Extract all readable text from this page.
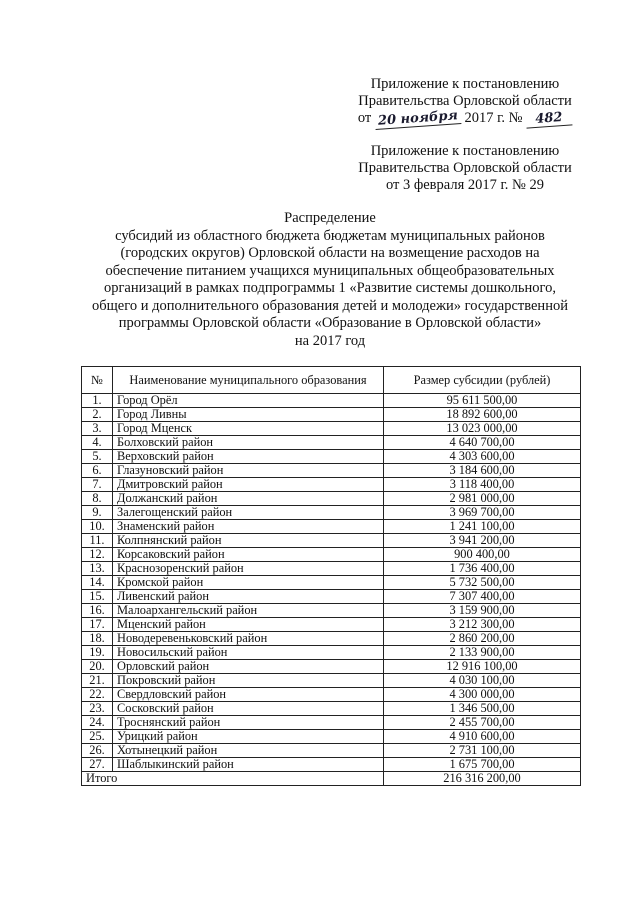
Приложение к постановлению
Правительства Орловской области
от 20 ноября 2017 г. № 482
Приложение к постановлению
Правительства Орловской области
от 3 февраля 2017 г. № 29
Распределение
субсидий из областного бюджета бюджетам муниципальных районов
(городских округов) Орловской области на возмещение расходов на
обеспечение питанием учащихся муниципальных общеобразовательных
организаций в рамках подпрограммы 1 «Развитие системы дошкольного,
общего и дополнительного образования детей и молодежи» государственной
программы Орловской области «Образование в Орловской области»
на 2017 год
№	Наименование муниципального образования	Размер субсидии (рублей)
1.	Город Орёл	95 611 500,00
2.	Город Ливны	18 892 600,00
3.	Город Мценск	13 023 000,00
4.	Болховский район	4 640 700,00
5.	Верховский район	4 303 600,00
6.	Глазуновский район	3 184 600,00
7.	Дмитровский район	3 118 400,00
8.	Должанский район	2 981 000,00
9.	Залегощенский район	3 969 700,00
10.	Знаменский район	1 241 100,00
11.	Колпнянский район	3 941 200,00
12.	Корсаковский район	900 400,00
13.	Краснозоренский район	1 736 400,00
14.	Кромской район	5 732 500,00
15.	Ливенский район	7 307 400,00
16.	Малоархангельский район	3 159 900,00
17.	Мценский район	3 212 300,00
18.	Новодеревеньковский район	2 860 200,00
19.	Новосильский район	2 133 900,00
20.	Орловский район	12 916 100,00
21.	Покровский район	4 030 100,00
22.	Свердловский район	4 300 000,00
23.	Сосковский район	1 346 500,00
24.	Троснянский район	2 455 700,00
25.	Урицкий район	4 910 600,00
26.	Хотынецкий район	2 731 100,00
27.	Шаблыкинский район	1 675 700,00
Итого		216 316 200,00
